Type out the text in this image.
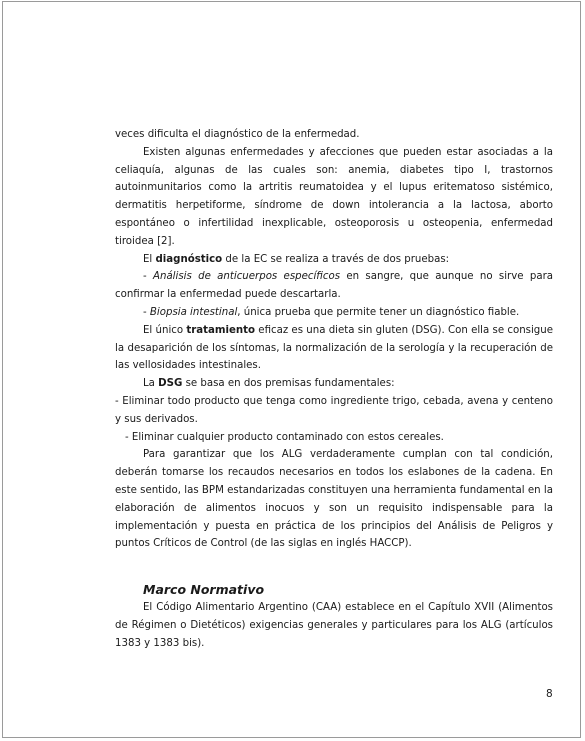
veces dificulta el diagnóstico de la enfermedad.

Existen algunas enfermedades y afecciones que pueden estar asociadas a la celiaquía, algunas de las cuales son: anemia, diabetes tipo I, trastornos autoinmunitarios como la artritis reumatoidea y el lupus eritematoso sistémico, dermatitis herpetiforme, síndrome de down intolerancia a la lactosa, aborto espontáneo o infertilidad inexplicable, osteoporosis u osteopenia, enfermedad tiroidea [2].

El diagnóstico de la EC se realiza a través de dos pruebas:

- Análisis de anticuerpos específicos en sangre, que aunque no sirve para confirmar la enfermedad puede descartarla.

- Biopsia intestinal, única prueba que permite tener un diagnóstico fiable.

El único tratamiento eficaz es una dieta sin gluten (DSG). Con ella se consigue la desaparición de los síntomas, la normalización de la serología y la recuperación de las vellosidades intestinales.

La DSG se basa en dos premisas fundamentales:

- Eliminar todo producto que tenga como ingrediente trigo, cebada, avena y centeno y sus derivados.

- Eliminar cualquier producto contaminado con estos cereales.

Para garantizar que los ALG verdaderamente cumplan con tal condición, deberán tomarse los recaudos necesarios en todos los eslabones de la cadena. En este sentido, las BPM estandarizadas constituyen una herramienta fundamental en la elaboración de alimentos inocuos y son un requisito indispensable para la implementación y puesta en práctica de los principios del Análisis de Peligros y puntos Críticos de Control (de las siglas en inglés HACCP).

Marco Normativo

El Código Alimentario Argentino (CAA) establece en el Capítulo XVII (Alimentos de Régimen o Dietéticos) exigencias generales y particulares para los ALG (artículos 1383 y 1383 bis).

8
